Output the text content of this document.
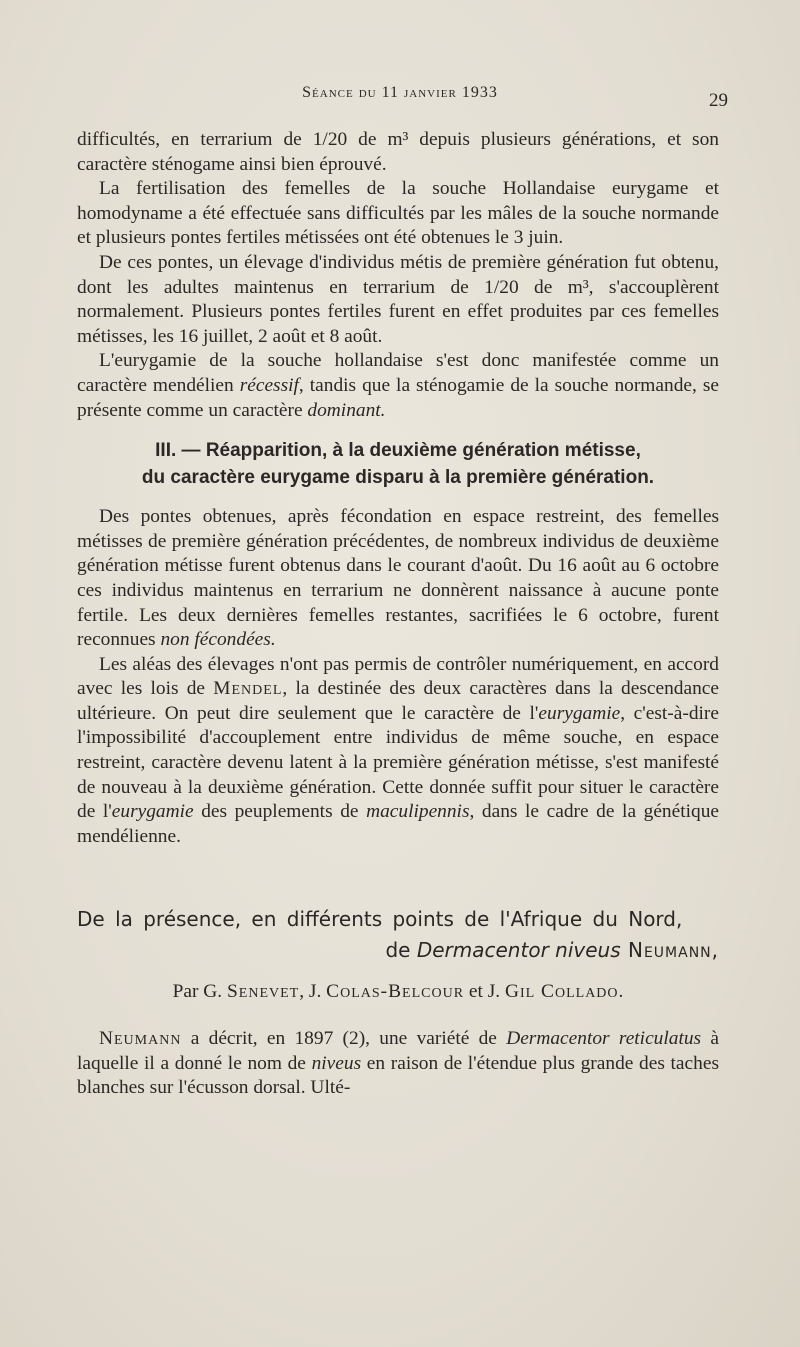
Séance du 11 janvier 1933	29

difficultés, en terrarium de 1/20 de m³ depuis plusieurs générations, et son caractère sténogame ainsi bien éprouvé.

La fertilisation des femelles de la souche Hollandaise eurygame et homodyname a été effectuée sans difficultés par les mâles de la souche normande et plusieurs pontes fertiles métissées ont été obtenues le 3 juin.

De ces pontes, un élevage d'individus métis de première génération fut obtenu, dont les adultes maintenus en terrarium de 1/20 de m³, s'accouplèrent normalement. Plusieurs pontes fertiles furent en effet produites par ces femelles métisses, les 16 juillet, 2 août et 8 août.

L'eurygamie de la souche hollandaise s'est donc manifestée comme un caractère mendélien récessif, tandis que la sténogamie de la souche normande, se présente comme un caractère dominant.

III. — Réapparition, à la deuxième génération métisse,
du caractère eurygame disparu à la première génération.

Des pontes obtenues, après fécondation en espace restreint, des femelles métisses de première génération précédentes, de nombreux individus de deuxième génération métisse furent obtenus dans le courant d'août. Du 16 août au 6 octobre ces individus maintenus en terrarium ne donnèrent naissance à aucune ponte fertile. Les deux dernières femelles restantes, sacrifiées le 6 octobre, furent reconnues non fécondées.

Les aléas des élevages n'ont pas permis de contrôler numériquement, en accord avec les lois de Mendel, la destinée des deux caractères dans la descendance ultérieure. On peut dire seulement que le caractère de l'eurygamie, c'est-à-dire l'impossibilité d'accouplement entre individus de même souche, en espace restreint, caractère devenu latent à la première génération métisse, s'est manifesté de nouveau à la deuxième génération. Cette donnée suffit pour situer le caractère de l'eurygamie des peuplements de maculipennis, dans le cadre de la génétique mendélienne.

De la présence, en différents points de l'Afrique du Nord,
de Dermacentor niveus Neumann,
Par G. Senevet, J. Colas-Belcour et J. Gil Collado.

Neumann a décrit, en 1897 (2), une variété de Dermacentor reticulatus à laquelle il a donné le nom de niveus en raison de l'étendue plus grande des taches blanches sur l'écusson dorsal. Ulté-
